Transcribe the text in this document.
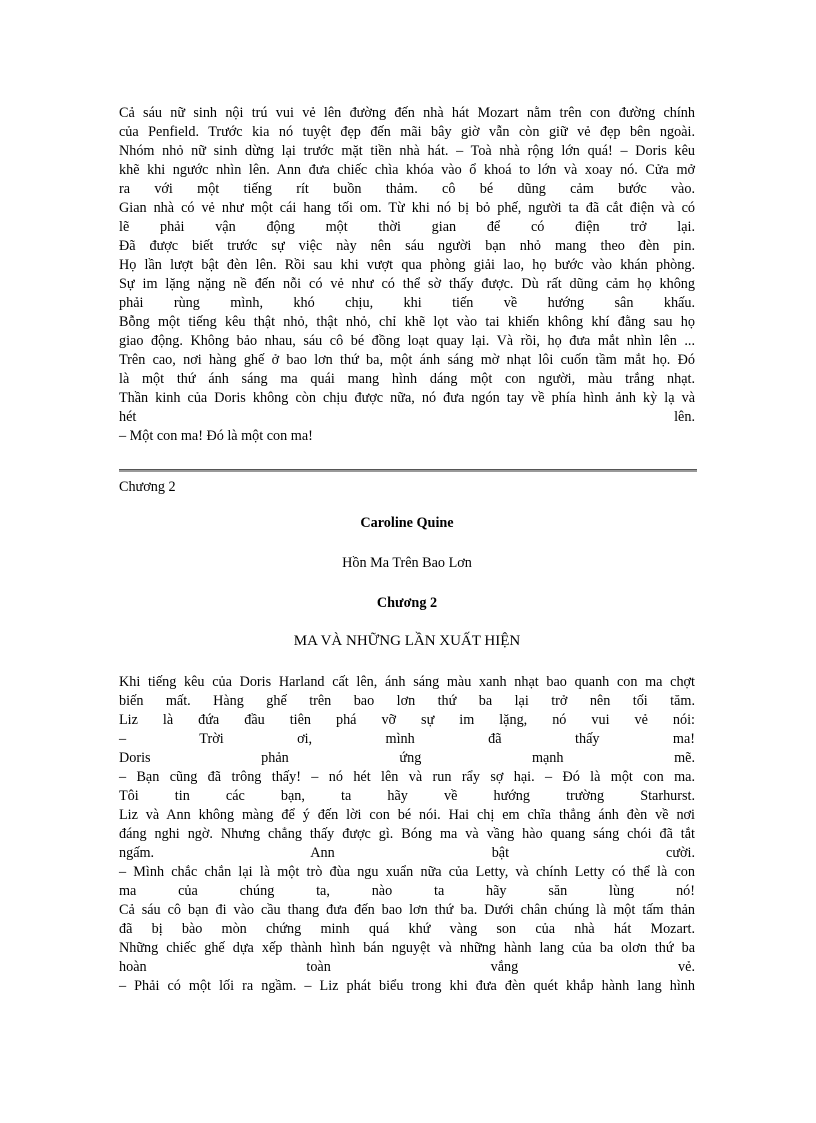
Cả sáu nữ sinh nội trú vui vẻ lên đường đến nhà hát Mozart nằm trên con đường chính
của Penfield. Trước kia nó tuyệt đẹp đến mãi bây giờ vẫn còn giữ vẻ đẹp bên ngoài.
Nhóm nhỏ nữ sinh dừng lại trước mặt tiền nhà hát. – Toà nhà rộng lớn quá! – Doris kêu
khẽ khi ngước nhìn lên. Ann đưa chiếc chìa khóa vào ổ khoá to lớn và xoay nó. Cửa mở
ra với một tiếng rít buồn thảm. cô bé dũng cảm bước vào.
Gian nhà có vẻ như một cái hang tối om. Từ khi nó bị bỏ phế, người ta đã cắt điện và có
lẽ phải vận động một thời gian để có điện trở lại.
Đã được biết trước sự việc này nên sáu người bạn nhỏ mang theo đèn pin.
Họ lần lượt bật đèn lên. Rồi sau khi vượt qua phòng giải lao, họ bước vào khán phòng.
Sự im lặng nặng nề đến nỗi có vẻ như có thể sờ thấy được. Dù rất dũng cảm họ không
phải rùng mình, khó chịu, khi tiến về hướng sân khấu.
Bỗng một tiếng kêu thật nhỏ, thật nhỏ, chỉ khẽ lọt vào tai khiến không khí đằng sau họ
giao động. Không bảo nhau, sáu cô bé đồng loạt quay lại. Và rồi, họ đưa mắt nhìn lên ...
Trên cao, nơi hàng ghế ở bao lơn thứ ba, một ánh sáng mờ nhạt lôi cuốn tầm mắt họ. Đó
là một thứ ánh sáng ma quái mang hình dáng một con người, màu trắng nhạt.
Thần kinh của Doris không còn chịu được nữa, nó đưa ngón tay về phía hình ảnh kỳ lạ và
hét lên.
– Một con ma! Đó là một con ma!
Chương 2
Caroline Quine
Hồn Ma Trên Bao Lơn
Chương 2
MA VÀ NHỮNG LẦN XUẤT HIỆN
Khi tiếng kêu của Doris Harland cất lên, ánh sáng màu xanh nhạt bao quanh con ma chợt
biến mất. Hàng ghế trên bao lơn thứ ba lại trở nên tối tăm.
Liz là đứa đầu tiên phá vỡ sự im lặng, nó vui vẻ nói:
– Trời ơi, mình đã thấy ma!
Doris phản ứng mạnh mẽ.
– Bạn cũng đã trông thấy! – nó hét lên và run rẩy sợ hại. – Đó là một con ma.
Tôi tin các bạn, ta hãy về hướng trường Starhurst.
Liz và Ann không màng để ý đến lời con bé nói. Hai chị em chĩa thẳng ánh đèn về nơi
đáng nghi ngờ. Nhưng chẳng thấy được gì. Bóng ma và vầng hào quang sáng chói đã tắt
ngấm. Ann bật cười.
– Mình chắc chắn lại là một trò đùa ngu xuẩn nữa của Letty, và chính Letty có thể là con
ma của chúng ta, nào ta hãy săn lùng nó!
Cả sáu cô bạn đi vào cầu thang đưa đến bao lơn thứ ba. Dưới chân chúng là một tấm thản
đã bị bào mòn chứng minh quá khứ vàng son của nhà hát Mozart.
Những chiếc ghế dựa xếp thành hình bán nguyệt và những hành lang của ba olơn thứ ba
hoàn toàn vắng vẻ.
– Phải có một lối ra ngầm. – Liz phát biểu trong khi đưa đèn quét khắp hành lang hình
